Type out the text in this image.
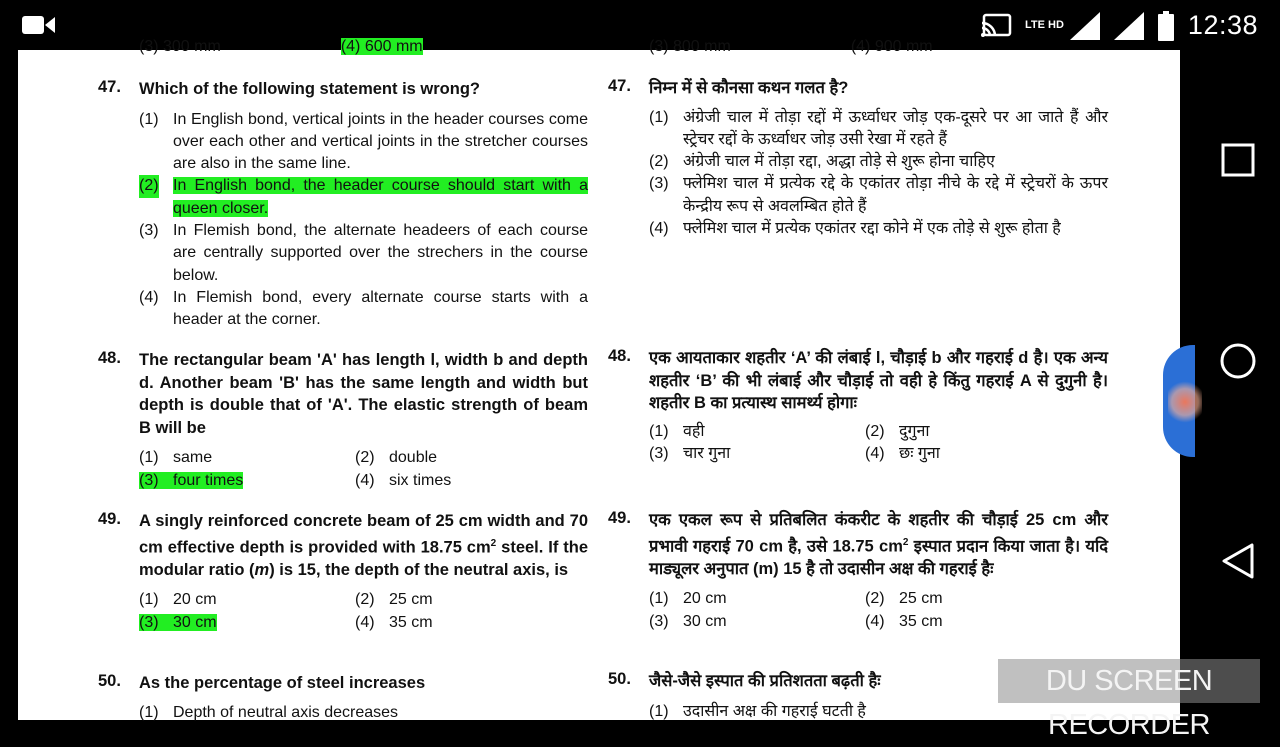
LTE HD	12:38
(3) 300 mm                           (4) 600 mm
47. Which of the following statement is wrong?
(1) In English bond, vertical joints in the header courses come over each other and vertical joints in the stretcher courses are also in the same line.
(2) In English bond, the header course should start with a queen closer.
(3) In Flemish bond, the alternate headeers of each course are centrally supported over the strechers in the course below.
(4) In Flemish bond, every alternate course starts with a header at the corner.
48. The rectangular beam 'A' has length l, width b and depth d. Another beam 'B' has the same length and width but depth is double that of 'A'. The elastic strength of beam B will be
(1) same	(2) double
(3) four times	(4) six times
49. A singly reinforced concrete beam of 25 cm width and 70 cm effective depth is provided with 18.75 $cm^2$ steel. If the modular ratio (m) is 15, the depth of the neutral axis, is
(1) 20 cm	(2) 25 cm
(3) 30 cm	(4) 35 cm
50. As the percentage of steel increases
(1) Depth of neutral axis decreases
(3) 800 mm                           (4) 900 mm
47. निम्न में से कौनसा कथन गलत है?
(1) अंग्रेजी चाल में तोड़ा रद्दों में ऊर्ध्वाधर जोड़ एक-दूसरे पर आ जाते हैं और स्ट्रेचर रद्दों के ऊर्ध्वाधर जोड़ उसी रेखा में रहते हैं
(2) अंग्रेजी चाल में तोड़ा रद्दा, अद्धा तोड़े से शुरू होना चाहिए
(3) फ्लेमिश चाल में प्रत्येक रद्दे के एकांतर तोड़ा नीचे के रद्दे में स्ट्रेचरों के ऊपर केन्द्रीय रूप से अवलम्बित होते हैं
(4) फ्लेमिश चाल में प्रत्येक एकांतर रद्दा कोने में एक तोड़े से शुरू होता है
48. एक आयताकार शहतीर ‘A’ की लंबाई l, चौड़ाई b और गहराई d है। एक अन्य शहतीर ‘B’ की भी लंबाई और चौड़ाई तो वही हे किंतु गहराई A से दुगुनी है। शहतीर B का प्रत्यास्थ सामर्थ्य होगाः
(1) वही	(2) दुगुना
(3) चार गुना	(4) छः गुना
49. एक एकल रूप से प्रतिबलित कंकरीट के शहतीर की चौड़ाई 25 cm और प्रभावी गहराई 70 cm है, उसे 18.75 $cm^2$ इस्पात प्रदान किया जाता है। यदि माड्यूलर अनुपात (m) 15 है तो उदासीन अक्ष की गहराई हैः
(1) 20 cm	(2) 25 cm
(3) 30 cm	(4) 35 cm
50. जैसे-जैसे इस्पात की प्रतिशतता बढ़ती हैः
(1) उदासीन अक्ष की गहराई घटती है
DU SCREEN RECORDER
